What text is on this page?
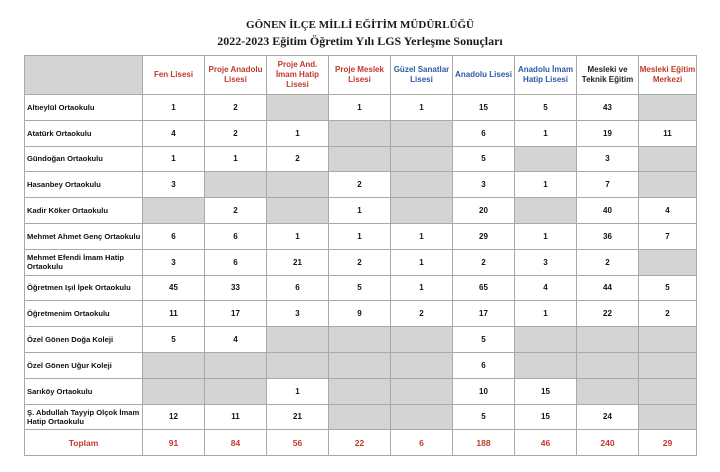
GÖNEN İLÇE MİLLİ EĞİTİM MÜDÜRLÜĞÜ
2022-2023 Eğitim Öğretim Yılı LGS Yerleşme Sonuçları
	Fen Lisesi	Proje Anadolu Lisesi	Proje And. İmam Hatip Lisesi	Proje Meslek Lisesi	Güzel Sanatlar Lisesi	Anadolu Lisesi	Anadolu İmam Hatip Lisesi	Mesleki ve Teknik Eğitim	Mesleki Eğitim Merkezi
Altıeylül Ortaokulu	1	2		1	1	15	5	43	
Atatürk Ortaokulu	4	2	1			6	1	19	11
Gündoğan Ortaokulu	1	1	2			5		3	
Hasanbey Ortaokulu	3			2		3	1	7	
Kadir Köker Ortaokulu		2		1		20		40	4
Mehmet Ahmet Genç Ortaokulu	6	6	1	1	1	29	1	36	7
Mehmet Efendi İmam Hatip Ortaokulu	3	6	21	2	1	2	3	2	
Öğretmen Işıl İpek Ortaokulu	45	33	6	5	1	65	4	44	5
Öğretmenim Ortaokulu	11	17	3	9	2	17	1	22	2
Özel Gönen Doğa Koleji	5	4				5			
Özel Gönen Uğur Koleji						6			
Sarıköy Ortaokulu			1			10	15		
Ş. Abdullah Tayyip Olçok İmam Hatip Ortaokulu	12	11	21			5	15	24	
Toplam	91	84	56	22	6	188	46	240	29
